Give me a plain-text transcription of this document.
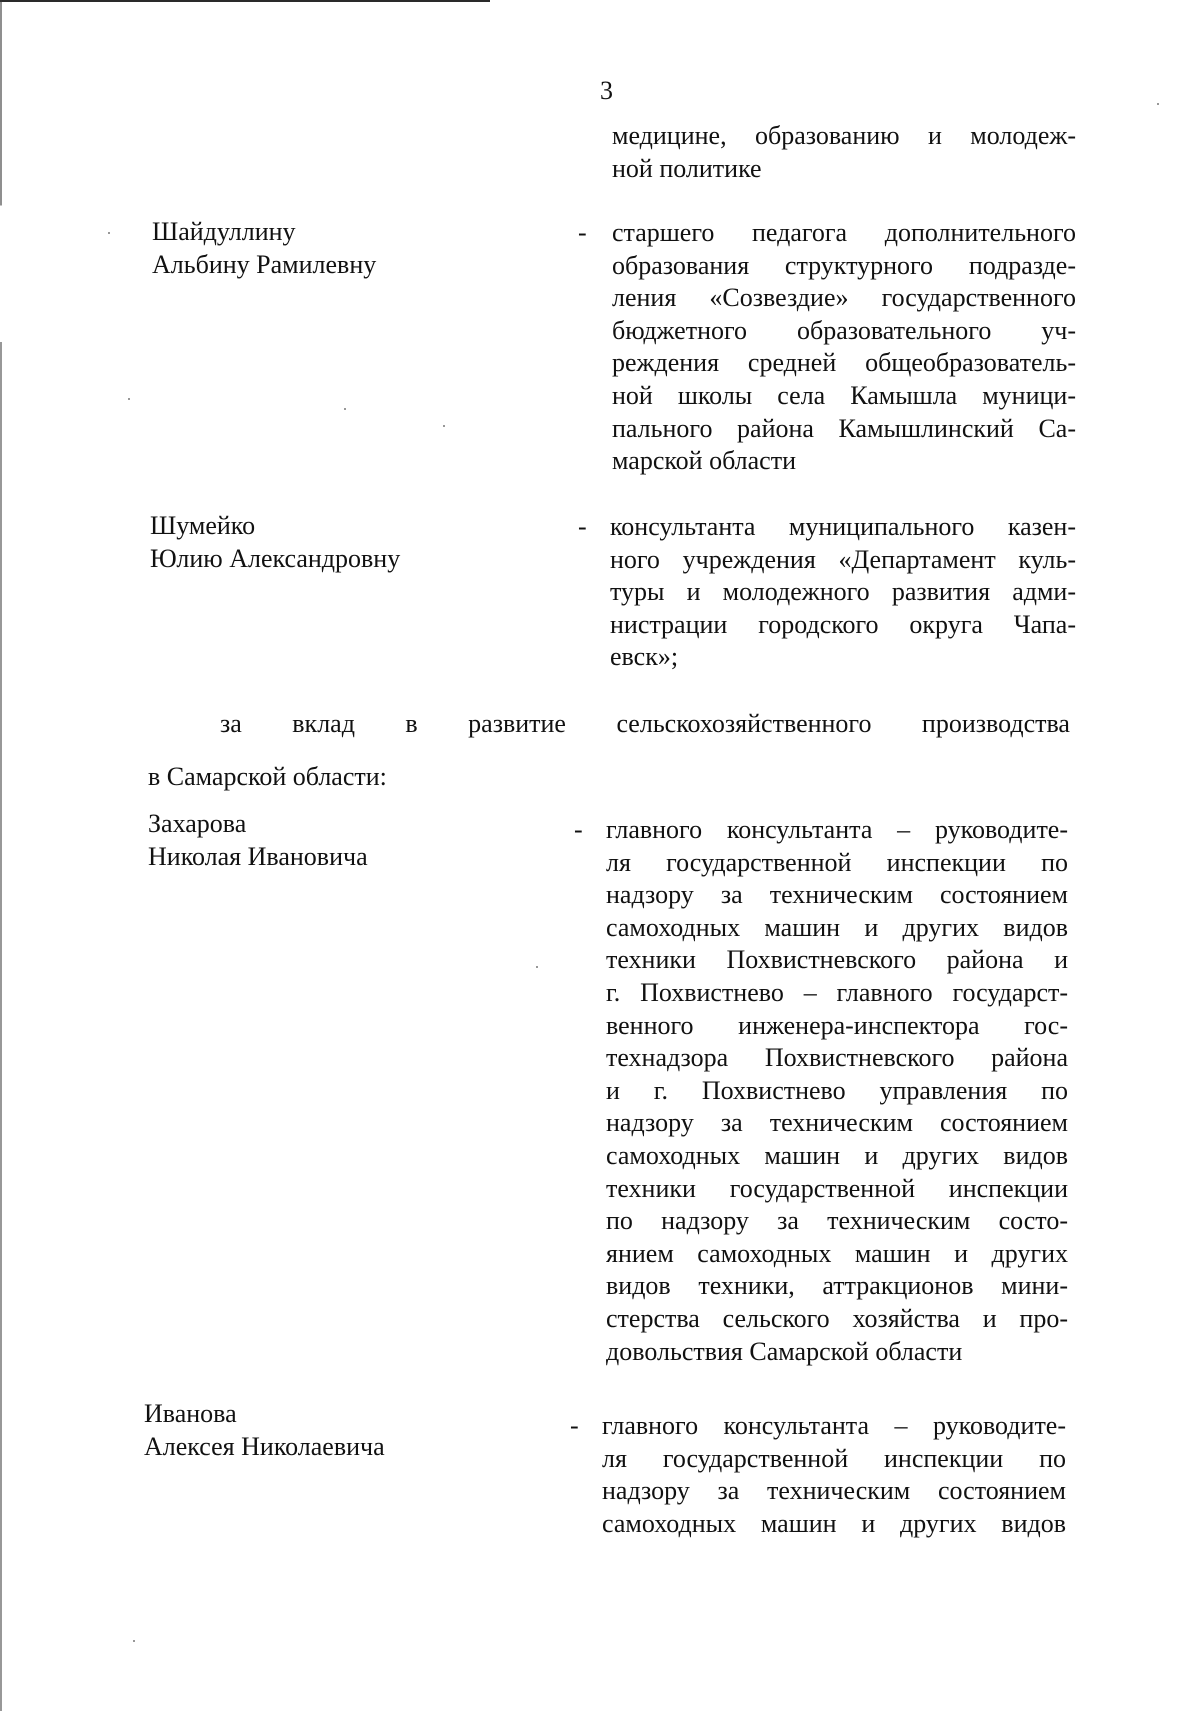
3
медицине, образованию и молодеж-
ной политике
Шайдуллину
Альбину Рамилевну
- старшего педагога дополнительного
образования структурного подразде-
ления «Созвездие» государственного
бюджетного образовательного уч-
реждения средней общеобразователь-
ной школы села Камышла муници-
пального района Камышлинский Са-
марской области
Шумейко
Юлию Александровну
- консультанта муниципального казен-
ного учреждения «Департамент куль-
туры и молодежного развития адми-
нистрации городского округа Чапа-
евск»;
за вклад в развитие сельскохозяйственного производства
в Самарской области:
Захарова
Николая Ивановича
- главного консультанта – руководите-
ля государственной инспекции по
надзору за техническим состоянием
самоходных машин и других видов
техники Похвистневского района и
г. Похвистнево – главного государст-
венного инженера-инспектора гос-
технадзора Похвистневского района
и г. Похвистнево управления по
надзору за техническим состоянием
самоходных машин и других видов
техники государственной инспекции
по надзору за техническим состо-
янием самоходных машин и других
видов техники, аттракционов мини-
стерства сельского хозяйства и про-
довольствия Самарской области
Иванова
Алексея Николаевича
- главного консультанта – руководите-
ля государственной инспекции по
надзору за техническим состоянием
самоходных машин и других видов
